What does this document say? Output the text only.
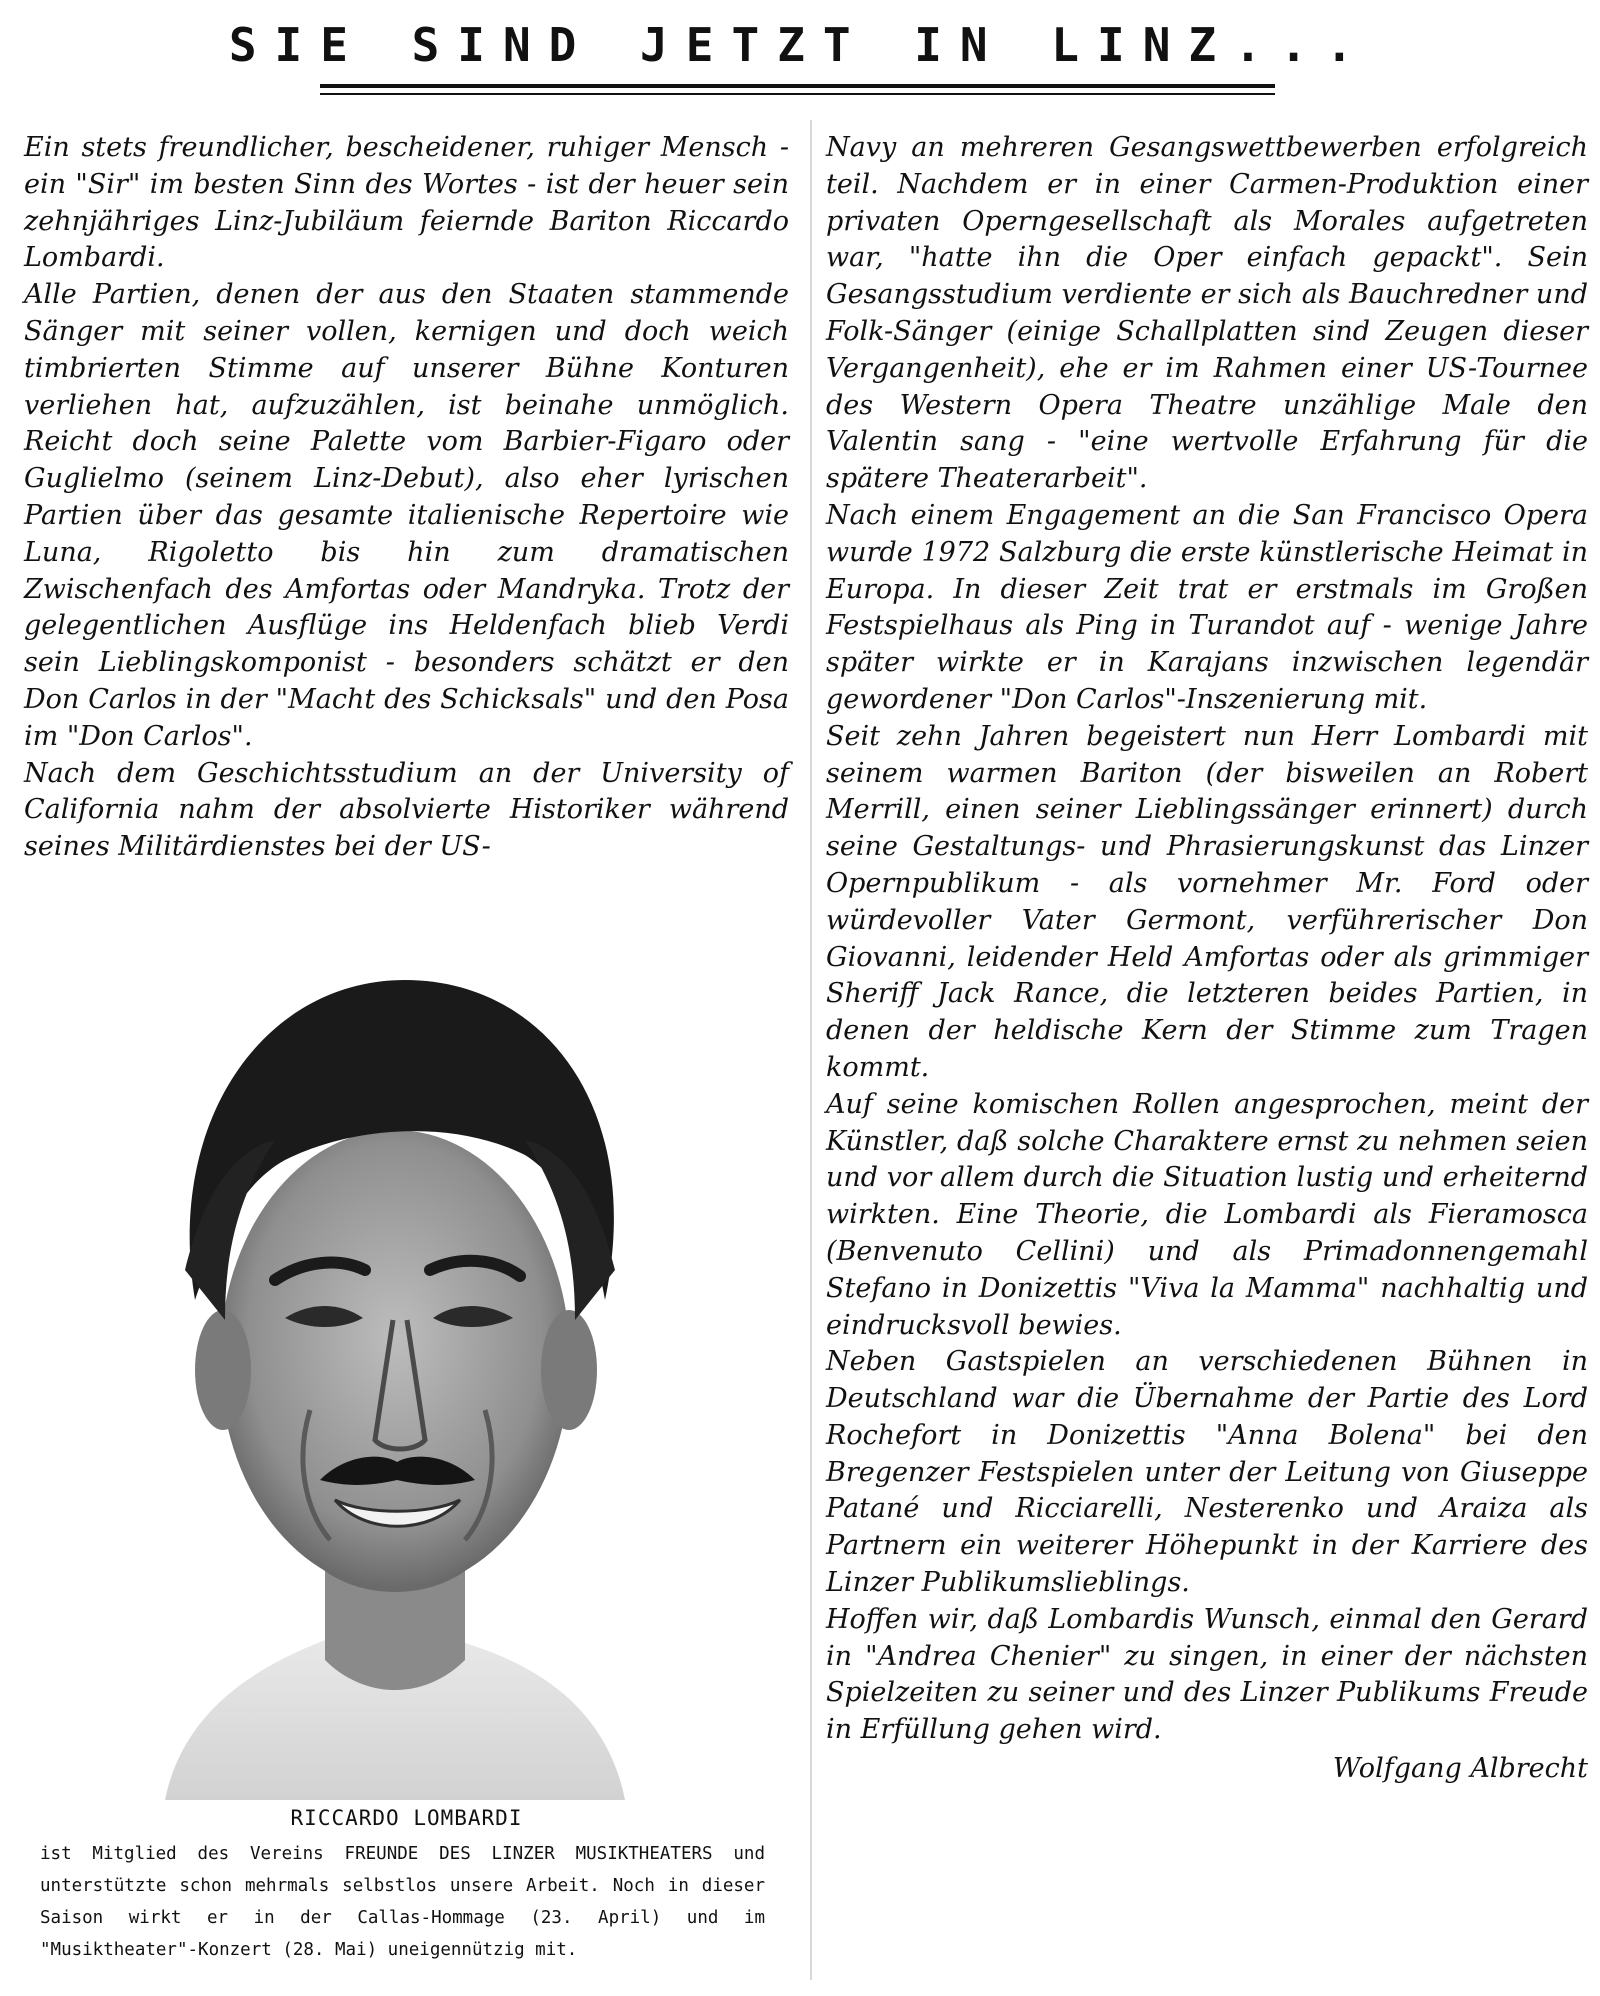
SIE SIND JETZT IN LINZ...

Ein stets freundlicher, bescheidener, ruhiger Mensch - ein "Sir" im besten Sinn des Wortes - ist der heuer sein zehnjähriges Linz-Jubiläum feiernde Bariton Riccardo Lombardi.

Alle Partien, denen der aus den Staaten stammende Sänger mit seiner vollen, kernigen und doch weich timbrierten Stimme auf unserer Bühne Konturen verliehen hat, aufzuzählen, ist beinahe unmöglich. Reicht doch seine Palette vom Barbier-Figaro oder Guglielmo (seinem Linz-Debut), also eher lyrischen Partien über das gesamte italienische Repertoire wie Luna, Rigoletto bis hin zum dramatischen Zwischenfach des Amfortas oder Mandryka. Trotz der gelegentlichen Ausflüge ins Heldenfach blieb Verdi sein Lieblingskomponist - besonders schätzt er den Don Carlos in der "Macht des Schicksals" und den Posa im "Don Carlos".

Nach dem Geschichtsstudium an der University of California nahm der absolvierte Historiker während seines Militärdienstes bei der US-

RICCARDO LOMBARDI
ist Mitglied des Vereins FREUNDE DES LINZER MUSIKTHEATERS und unterstützte schon mehrmals selbstlos unsere Arbeit. Noch in dieser Saison wirkt er in der Callas-Hommage (23. April) und im "Musiktheater"-Konzert (28. Mai) uneigennützig mit.

Navy an mehreren Gesangswettbewerben erfolgreich teil. Nachdem er in einer Carmen-Produktion einer privaten Operngesellschaft als Morales aufgetreten war, "hatte ihn die Oper einfach gepackt". Sein Gesangsstudium verdiente er sich als Bauchredner und Folk-Sänger (einige Schallplatten sind Zeugen dieser Vergangenheit), ehe er im Rahmen einer US-Tournee des Western Opera Theatre unzählige Male den Valentin sang - "eine wertvolle Erfahrung für die spätere Theaterarbeit".

Nach einem Engagement an die San Francisco Opera wurde 1972 Salzburg die erste künstlerische Heimat in Europa. In dieser Zeit trat er erstmals im Großen Festspielhaus als Ping in Turandot auf - wenige Jahre später wirkte er in Karajans inzwischen legendär gewordener "Don Carlos"-Inszenierung mit.

Seit zehn Jahren begeistert nun Herr Lombardi mit seinem warmen Bariton (der bisweilen an Robert Merrill, einen seiner Lieblingssänger erinnert) durch seine Gestaltungs- und Phrasierungskunst das Linzer Opernpublikum - als vornehmer Mr. Ford oder würdevoller Vater Germont, verführerischer Don Giovanni, leidender Held Amfortas oder als grimmiger Sheriff Jack Rance, die letzteren beides Partien, in denen der heldische Kern der Stimme zum Tragen kommt.

Auf seine komischen Rollen angesprochen, meint der Künstler, daß solche Charaktere ernst zu nehmen seien und vor allem durch die Situation lustig und erheiternd wirkten. Eine Theorie, die Lombardi als Fieramosca (Benvenuto Cellini) und als Primadonnengemahl Stefano in Donizettis "Viva la Mamma" nachhaltig und eindrucksvoll bewies.

Neben Gastspielen an verschiedenen Bühnen in Deutschland war die Übernahme der Partie des Lord Rochefort in Donizettis "Anna Bolena" bei den Bregenzer Festspielen unter der Leitung von Giuseppe Patané und Ricciarelli, Nesterenko und Araiza als Partnern ein weiterer Höhepunkt in der Karriere des Linzer Publikumslieblings.

Hoffen wir, daß Lombardis Wunsch, einmal den Gerard in "Andrea Chenier" zu singen, in einer der nächsten Spielzeiten zu seiner und des Linzer Publikums Freude in Erfüllung gehen wird.

Wolfgang Albrecht
